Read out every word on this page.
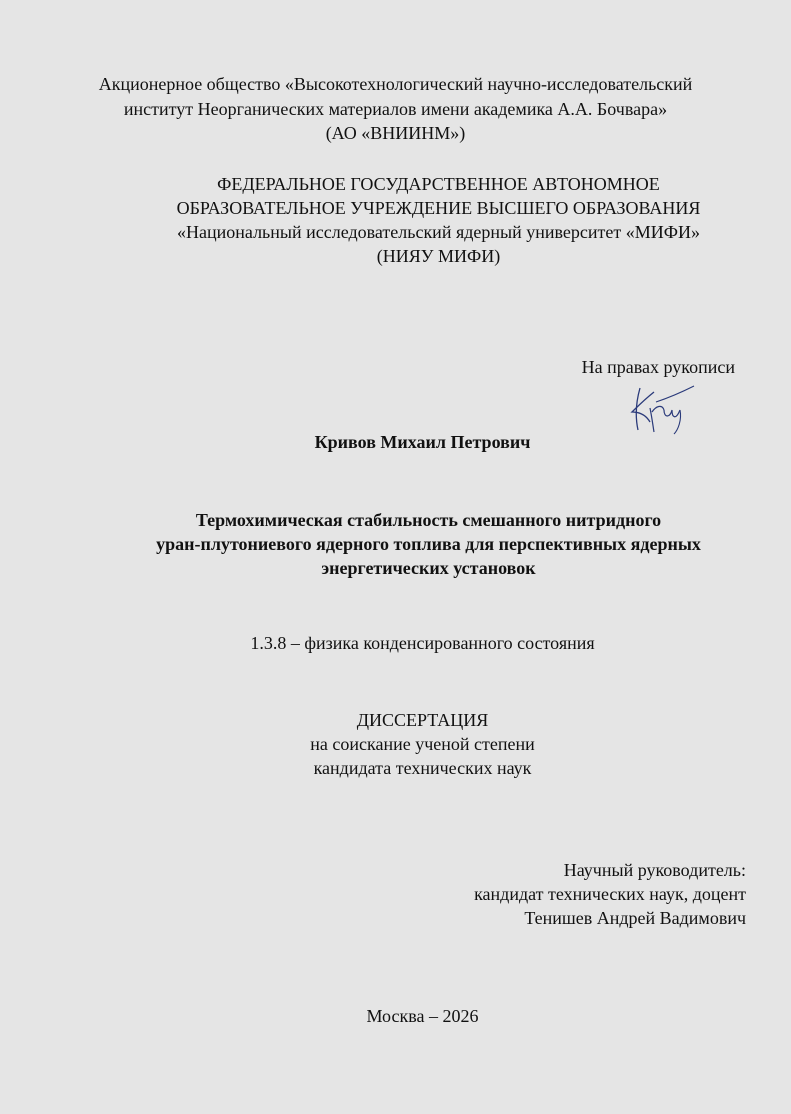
Акционерное общество «Высокотехнологический научно-исследовательский
институт Неорганических материалов имени академика А.А. Бочвара»
(АО «ВНИИНМ»)
ФЕДЕРАЛЬНОЕ ГОСУДАРСТВЕННОЕ АВТОНОМНОЕ
ОБРАЗОВАТЕЛЬНОЕ УЧРЕЖДЕНИЕ ВЫСШЕГО ОБРАЗОВАНИЯ
«Национальный исследовательский ядерный университет «МИФИ»
(НИЯУ МИФИ)
На правах рукописи
Кривов Михаил Петрович
Термохимическая стабильность смешанного нитридного
уран-плутониевого ядерного топлива для перспективных ядерных
энергетических установок
1.3.8 – физика конденсированного состояния
ДИССЕРТАЦИЯ
на соискание ученой степени
кандидата технических наук
Научный руководитель:
кандидат технических наук, доцент
Тенишев Андрей Вадимович
Москва – 2026
